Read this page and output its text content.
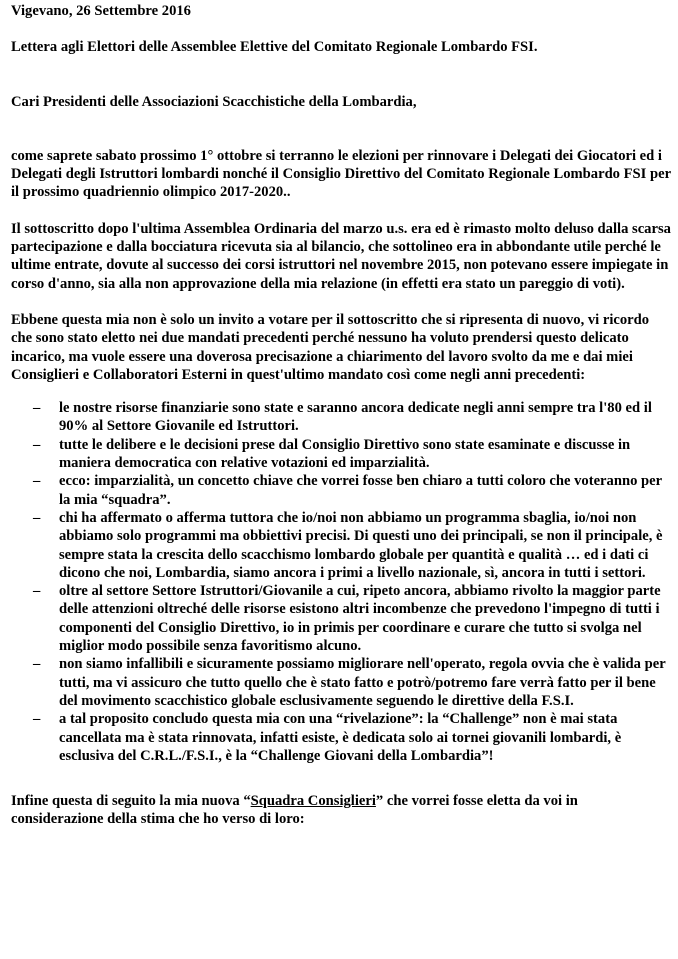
Vigevano, 26 Settembre 2016

Lettera agli Elettori delle Assemblee Elettive del Comitato Regionale Lombardo FSI.

Cari Presidenti delle Associazioni Scacchistiche della Lombardia,

come saprete sabato prossimo 1° ottobre si terranno le elezioni per rinnovare i Delegati dei Giocatori ed i Delegati degli Istruttori lombardi nonché il Consiglio Direttivo del Comitato Regionale Lombardo FSI per il prossimo quadriennio olimpico 2017-2020..

Il sottoscritto dopo l'ultima Assemblea Ordinaria del marzo u.s. era ed è rimasto molto deluso dalla scarsa partecipazione e dalla bocciatura ricevuta sia al bilancio, che sottolineo era in abbondante utile perché le ultime entrate, dovute al successo dei corsi istruttori nel novembre 2015, non potevano essere impiegate in corso d'anno, sia alla non approvazione della mia relazione (in effetti era stato un pareggio di voti).

Ebbene questa mia non è solo un invito a votare per il sottoscritto che si ripresenta di nuovo, vi ricordo che sono stato eletto nei due mandati precedenti perché nessuno ha voluto prendersi questo delicato incarico, ma vuole essere una doverosa precisazione a chiarimento del lavoro svolto da me e dai miei Consiglieri e Collaboratori Esterni in quest'ultimo mandato così come negli anni precedenti:

– le nostre risorse finanziarie sono state e saranno ancora dedicate negli anni sempre tra l'80 ed il 90% al Settore Giovanile ed Istruttori.
– tutte le delibere e le decisioni prese dal Consiglio Direttivo sono state esaminate e discusse in maniera democratica con relative votazioni ed imparzialità.
– ecco: imparzialità, un concetto chiave che vorrei fosse ben chiaro a tutti coloro che voteranno per la mia “squadra”.
– chi ha affermato o afferma tuttora che io/noi non abbiamo un programma sbaglia, io/noi non abbiamo solo programmi ma obbiettivi precisi. Di questi uno dei principali, se non il principale, è sempre stata la crescita dello scacchismo lombardo globale per quantità e qualità … ed i dati ci dicono che noi, Lombardia, siamo ancora i primi a livello nazionale, sì, ancora in tutti i settori.
– oltre al settore Settore Istruttori/Giovanile a cui, ripeto ancora, abbiamo rivolto la maggior parte delle attenzioni oltreché delle risorse esistono altri incombenze che prevedono l'impegno di tutti i componenti del Consiglio Direttivo, io in primis per coordinare e curare che tutto si svolga nel miglior modo possibile senza favoritismo alcuno.
– non siamo infallibili e sicuramente possiamo migliorare nell'operato, regola ovvia che è valida per tutti, ma vi assicuro che tutto quello che è stato fatto e potrò/potremo fare verrà fatto per il bene del movimento scacchistico globale esclusivamente seguendo le direttive della F.S.I.
– a tal proposito concludo questa mia con una “rivelazione”: la “Challenge” non è mai stata cancellata ma è stata rinnovata, infatti esiste, è dedicata solo ai tornei giovanili lombardi, è esclusiva del C.R.L./F.S.I., è la “Challenge Giovani della Lombardia”!

Infine questa di seguito la mia nuova “Squadra Consiglieri” che vorrei fosse eletta da voi in considerazione della stima che ho verso di loro:
